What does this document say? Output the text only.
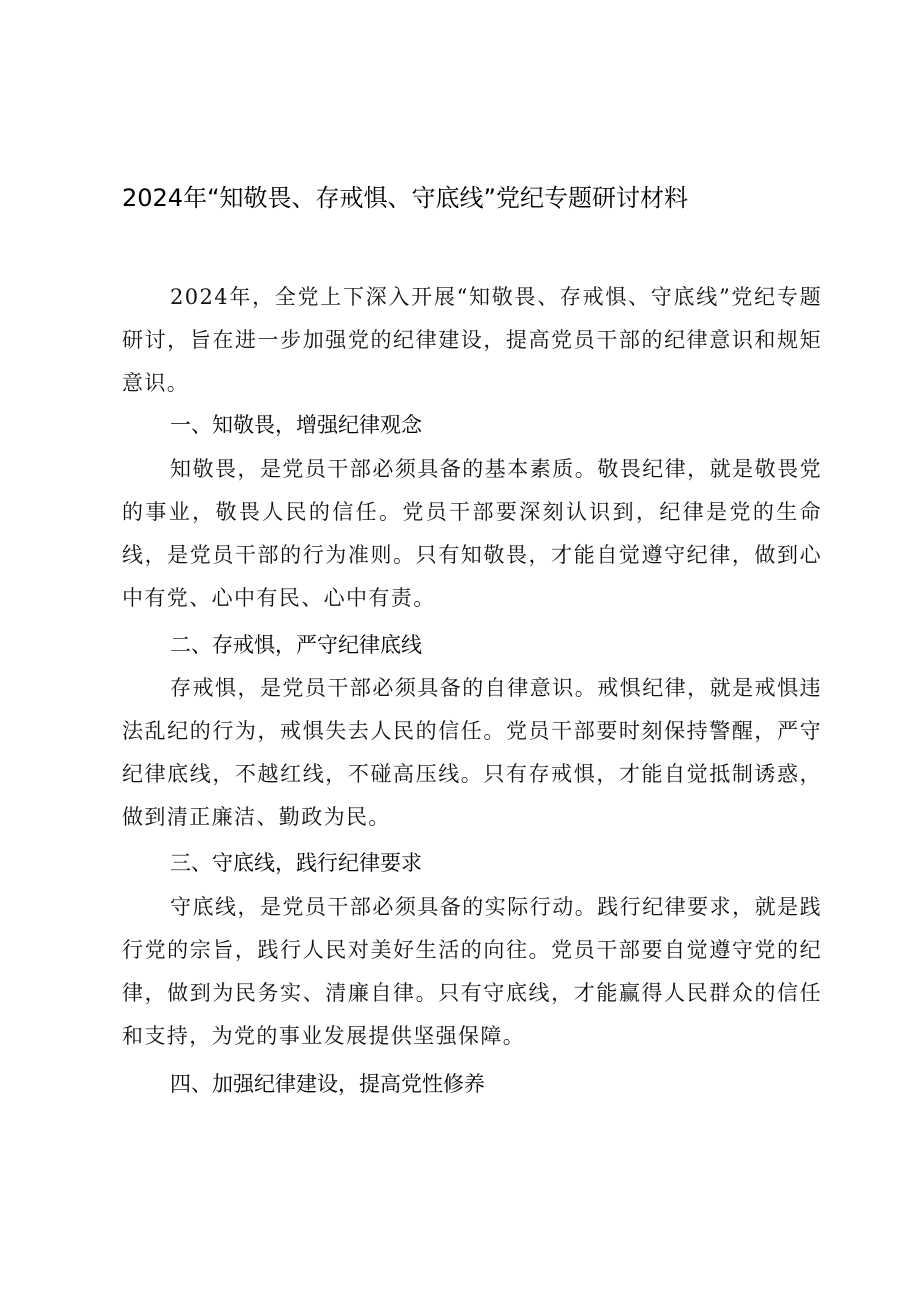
2024年“知敬畏、存戒惧、守底线”党纪专题研讨材料

2024年，全党上下深入开展“知敬畏、存戒惧、守底线”党纪专题研讨，旨在进一步加强党的纪律建设，提高党员干部的纪律意识和规矩意识。

一、知敬畏，增强纪律观念

知敬畏，是党员干部必须具备的基本素质。敬畏纪律，就是敬畏党的事业，敬畏人民的信任。党员干部要深刻认识到，纪律是党的生命线，是党员干部的行为准则。只有知敬畏，才能自觉遵守纪律，做到心中有党、心中有民、心中有责。

二、存戒惧，严守纪律底线

存戒惧，是党员干部必须具备的自律意识。戒惧纪律，就是戒惧违法乱纪的行为，戒惧失去人民的信任。党员干部要时刻保持警醒，严守纪律底线，不越红线，不碰高压线。只有存戒惧，才能自觉抵制诱惑，做到清正廉洁、勤政为民。

三、守底线，践行纪律要求

守底线，是党员干部必须具备的实际行动。践行纪律要求，就是践行党的宗旨，践行人民对美好生活的向往。党员干部要自觉遵守党的纪律，做到为民务实、清廉自律。只有守底线，才能赢得人民群众的信任和支持，为党的事业发展提供坚强保障。

四、加强纪律建设，提高党性修养
